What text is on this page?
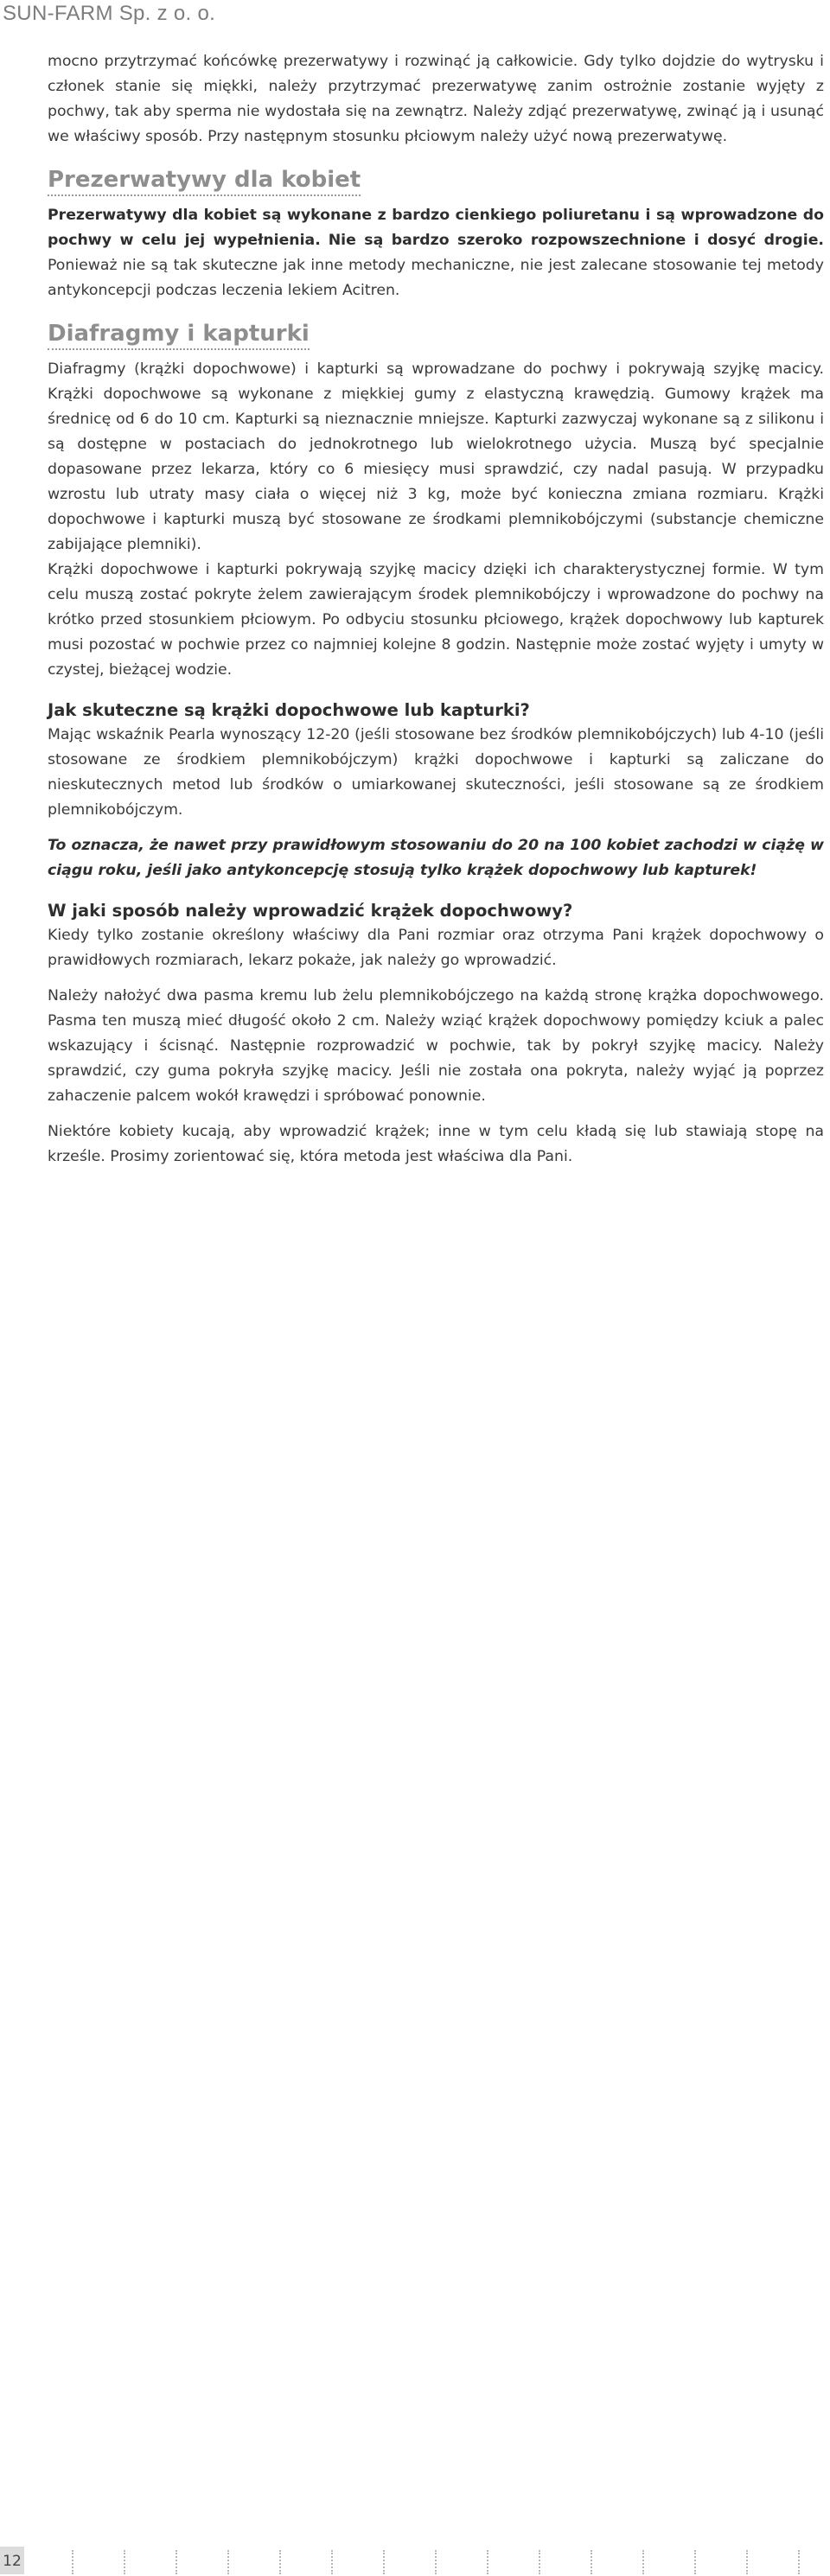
SUN-FARM Sp. z o. o.

mocno przytrzymać końcówkę prezerwatywy i rozwinąć ją całkowicie. Gdy tylko dojdzie do wytrysku i członek stanie się miękki, należy przytrzymać prezerwatywę zanim ostrożnie zostanie wyjęty z pochwy, tak aby sperma nie wydostała się na zewnątrz. Należy zdjąć prezerwatywę, zwinąć ją i usunąć we właściwy sposób. Przy następnym stosunku płciowym należy użyć nową prezerwatywę.

Prezerwatywy dla kobiet

Prezerwatywy dla kobiet są wykonane z bardzo cienkiego poliuretanu i są wprowadzone do pochwy w celu jej wypełnienia. Nie są bardzo szeroko rozpowszechnione i dosyć drogie. Ponieważ nie są tak skuteczne jak inne metody mechaniczne, nie jest zalecane stosowanie tej metody antykoncepcji podczas leczenia lekiem Acitren.

Diafragmy i kapturki

Diafragmy (krążki dopochwowe) i kapturki są wprowadzane do pochwy i pokrywają szyjkę macicy. Krążki dopochwowe są wykonane z miękkiej gumy z elastyczną krawędzią. Gumowy krążek ma średnicę od 6 do 10 cm. Kapturki są nieznacznie mniejsze. Kapturki zazwyczaj wykonane są z silikonu i są dostępne w postaciach do jednokrotnego lub wielokrotnego użycia. Muszą być specjalnie dopasowane przez lekarza, który co 6 miesięcy musi sprawdzić, czy nadal pasują. W przypadku wzrostu lub utraty masy ciała o więcej niż 3 kg, może być konieczna zmiana rozmiaru. Krążki dopochwowe i kapturki muszą być stosowane ze środkami plemnikobójczymi (substancje chemiczne zabijające plemniki).

Krążki dopochwowe i kapturki pokrywają szyjkę macicy dzięki ich charakterystycznej formie. W tym celu muszą zostać pokryte żelem zawierającym środek plemnikobójczy i wprowadzone do pochwy na krótko przed stosunkiem płciowym. Po odbyciu stosunku płciowego, krążek dopochwowy lub kapturek musi pozostać w pochwie przez co najmniej kolejne 8 godzin. Następnie może zostać wyjęty i umyty w czystej, bieżącej wodzie.

Jak skuteczne są krążki dopochwowe lub kapturki?

Mając wskaźnik Pearla wynoszący 12-20 (jeśli stosowane bez środków plemnikobójczych) lub 4-10 (jeśli stosowane ze środkiem plemnikobójczym) krążki dopochwowe i kapturki są zaliczane do nieskutecznych metod lub środków o umiarkowanej skuteczności, jeśli stosowane są ze środkiem plemnikobójczym.

To oznacza, że nawet przy prawidłowym stosowaniu do 20 na 100 kobiet zachodzi w ciążę w ciągu roku, jeśli jako antykoncepcję stosują tylko krążek dopochwowy lub kapturek!

W jaki sposób należy wprowadzić krążek dopochwowy?

Kiedy tylko zostanie określony właściwy dla Pani rozmiar oraz otrzyma Pani krążek dopochwowy o prawidłowych rozmiarach, lekarz pokaże, jak należy go wprowadzić.

Należy nałożyć dwa pasma kremu lub żelu plemnikobójczego na każdą stronę krążka dopochwowego. Pasma ten muszą mieć długość około 2 cm. Należy wziąć krążek dopochwowy pomiędzy kciuk a palec wskazujący i ścisnąć. Następnie rozprowadzić w pochwie, tak by pokrył szyjkę macicy. Należy sprawdzić, czy guma pokryła szyjkę macicy. Jeśli nie została ona pokryta, należy wyjąć ją poprzez zahaczenie palcem wokół krawędzi i spróbować ponownie.

Niektóre kobiety kucają, aby wprowadzić krążek; inne w tym celu kładą się lub stawiają stopę na krześle. Prosimy zorientować się, która metoda jest właściwa dla Pani.

12
